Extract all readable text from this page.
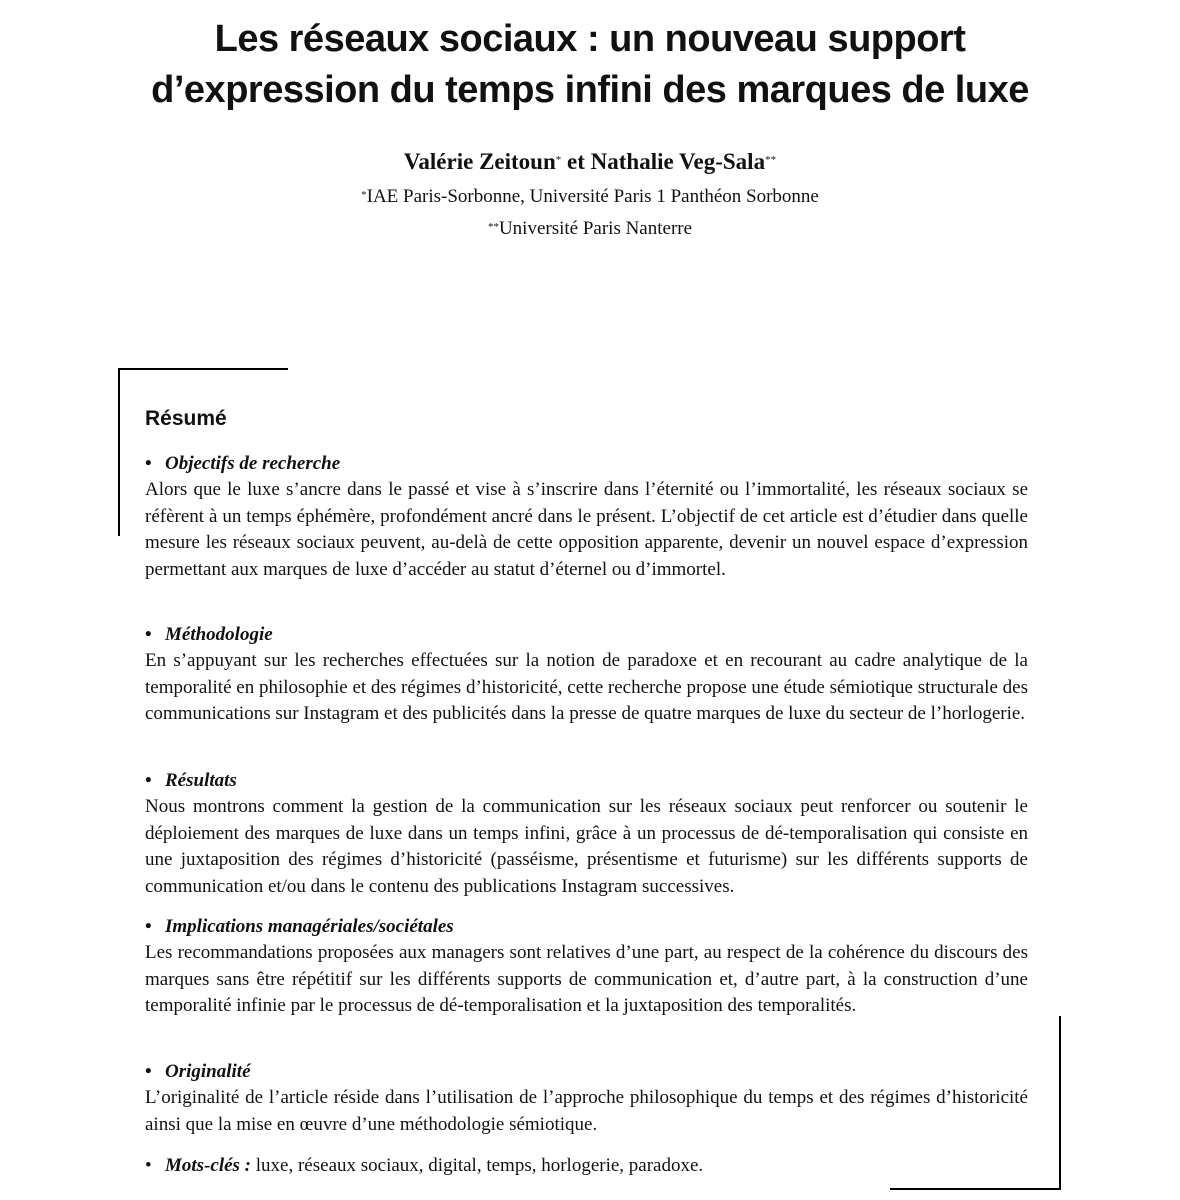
Les réseaux sociaux : un nouveau support
d’expression du temps infini des marques de luxe
Valérie Zeitoun* et Nathalie Veg-Sala**
*IAE Paris-Sorbonne, Université Paris 1 Panthéon Sorbonne
**Université Paris Nanterre
Résumé
• Objectifs de recherche

Alors que le luxe s’ancre dans le passé et vise à s’inscrire dans l’éternité ou l’immortalité, les réseaux sociaux se réfèrent à un temps éphémère, profondément ancré dans le présent. L’objectif de cet article est d’étudier dans quelle mesure les réseaux sociaux peuvent, au-delà de cette opposition apparente, devenir un nouvel espace d’expression permettant aux marques de luxe d’accéder au statut d’éternel ou d’immortel.

• Méthodologie

En s’appuyant sur les recherches effectuées sur la notion de paradoxe et en recourant au cadre analytique de la temporalité en philosophie et des régimes d’historicité, cette recherche propose une étude sémiotique structurale des communications sur Instagram et des publicités dans la presse de quatre marques de luxe du secteur de l’horlogerie.

• Résultats

Nous montrons comment la gestion de la communication sur les réseaux sociaux peut renforcer ou soutenir le déploiement des marques de luxe dans un temps infini, grâce à un processus de dé-temporalisation qui consiste en une juxtaposition des régimes d’historicité (passéisme, présentisme et futurisme) sur les différents supports de communication et/ou dans le contenu des publications Instagram successives.

• Implications managériales/sociétales

Les recommandations proposées aux managers sont relatives d’une part, au respect de la cohérence du discours des marques sans être répétitif sur les différents supports de communication et, d’autre part, à la construction d’une temporalité infinie par le processus de dé-temporalisation et la juxtaposition des temporalités.

• Originalité

L’originalité de l’article réside dans l’utilisation de l’approche philosophique du temps et des régimes d’historicité ainsi que la mise en œuvre d’une méthodologie sémiotique.

• Mots-clés : luxe, réseaux sociaux, digital, temps, horlogerie, paradoxe.
